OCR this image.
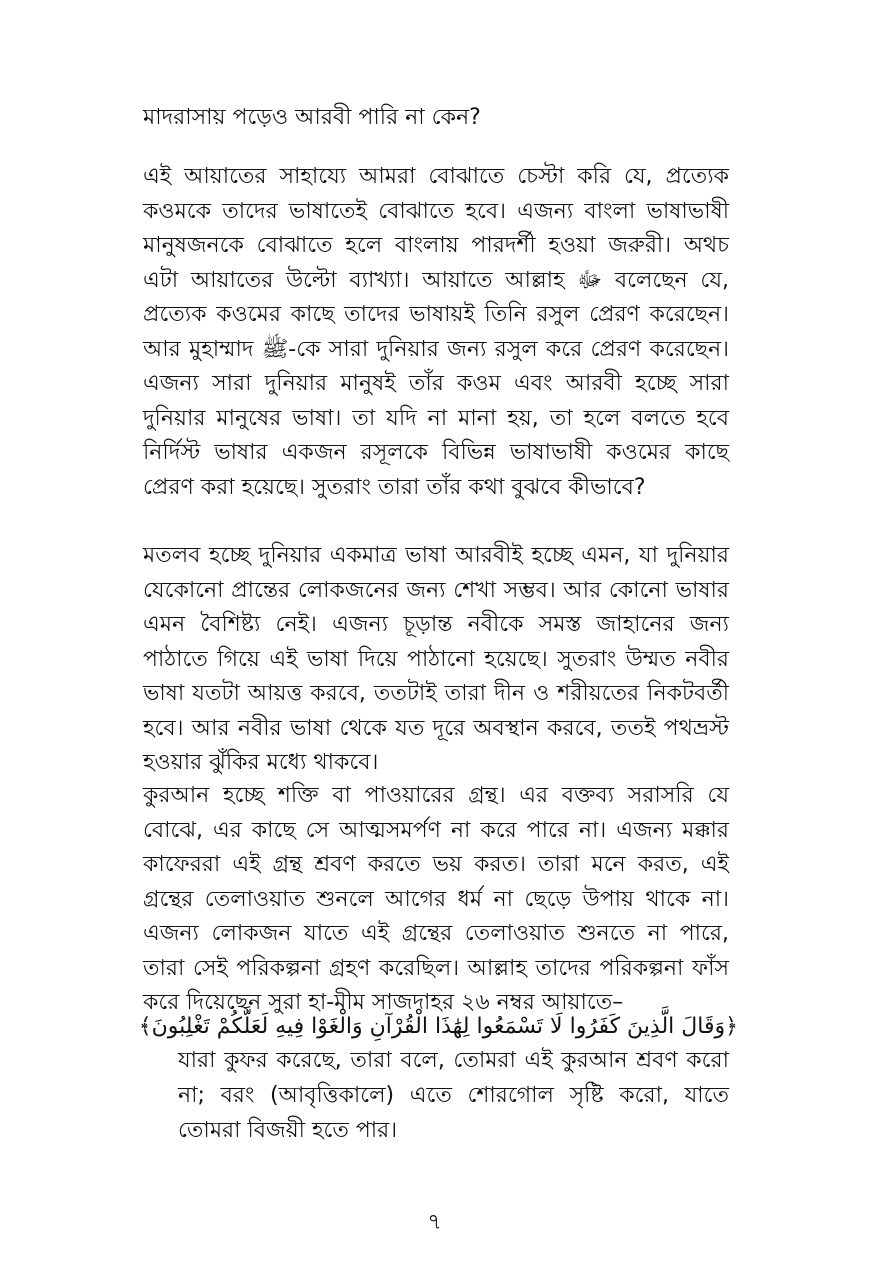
মাদরাসায় পড়েও আরবী পারি না কেন?
এই আয়াতের সাহায্যে আমরা বোঝাতে চেস্টা করি যে, প্রত্যেক কওমকে তাদের ভাষাতেই বোঝাতে হবে। এজন্য বাংলা ভাষাভাষী মানুষজনকে বোঝাতে হলে বাংলায় পারদর্শী হওয়া জরুরী। অথচ এটা আয়াতের উল্টো ব্যাখ্যা। আয়াতে আল্লাহ ﷻ বলেছেন যে, প্রত্যেক কওমের কাছে তাদের ভাষায়ই তিনি রসুল প্রেরণ করেছেন। আর মুহাম্মাদ ﷺ-কে সারা দুনিয়ার জন্য রসুল করে প্রেরণ করেছেন। এজন্য সারা দুনিয়ার মানুষই তাঁর কওম এবং আরবী হচ্ছে সারা দুনিয়ার মানুষের ভাষা। তা যদি না মানা হয়, তা হলে বলতে হবে নির্দিস্ট ভাষার একজন রসূলকে বিভিন্ন ভাষাভাষী কওমের কাছে প্রেরণ করা হয়েছে। সুতরাং তারা তাঁর কথা বুঝবে কীভাবে?
মতলব হচ্ছে দুনিয়ার একমাত্র ভাষা আরবীই হচ্ছে এমন, যা দুনিয়ার যেকোনো প্রান্তের লোকজনের জন্য শেখা সম্ভব। আর কোনো ভাষার এমন বৈশিষ্ট্য নেই। এজন্য চূড়ান্ত নবীকে সমস্ত জাহানের জন্য পাঠাতে গিয়ে এই ভাষা দিয়ে পাঠানো হয়েছে। সুতরাং উম্মত নবীর ভাষা যতটা আয়ত্ত করবে, ততটাই তারা দীন ও শরীয়তের নিকটবর্তী হবে। আর নবীর ভাষা থেকে যত দূরে অবস্থান করবে, ততই পথভ্রস্ট হওয়ার ঝুঁকির মধ্যে থাকবে।
কুরআন হচ্ছে শক্তি বা পাওয়ারের গ্রন্থ। এর বক্তব্য সরাসরি যে বোঝে, এর কাছে সে আত্মসমর্পণ না করে পারে না। এজন্য মক্কার কাফেররা এই গ্রন্থ শ্রবণ করতে ভয় করত। তারা মনে করত, এই গ্রন্থের তেলাওয়াত শুনলে আগের ধর্ম না ছেড়ে উপায় থাকে না। এজন্য লোকজন যাতে এই গ্রন্থের তেলাওয়াত শুনতে না পারে, তারা সেই পরিকল্পনা গ্রহণ করেছিল। আল্লাহ তাদের পরিকল্পনা ফাঁস করে দিয়েছেন সুরা হা-মীম সাজদাহর ২৬ নম্বর আয়াতে–
﴿وَقَالَ الَّذِينَ كَفَرُوا لَا تَسْمَعُوا لِهَٰذَا الْقُرْآنِ وَالْغَوْا فِيهِ لَعَلَّكُمْ تَغْلِبُونَ﴾
যারা কুফর করেছে, তারা বলে, তোমরা এই কুরআন শ্রবণ করো না; বরং (আবৃত্তিকালে) এতে শোরগোল সৃষ্টি করো, যাতে তোমরা বিজয়ী হতে পার।
৭
